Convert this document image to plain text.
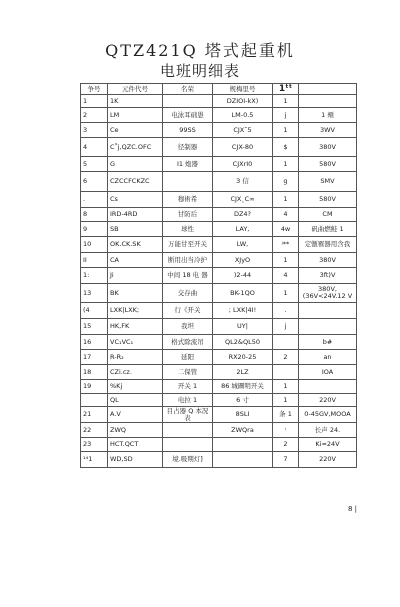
QTZ421Q 塔式起重机
电班明细表
争号	元件代号	名荣	规梅里号	1ᵗᵗ	
1	1K		DZIOI-kX)	1	
2	LM	电泳耳础愚	LM-0.5	j	1 頰
3	Ce	99SS	CJX˜5	1	3WV
4	C˚j,QZC.OFC	径制器	CJX-80	$	380V
5	G	I1 炮器	CJXrI0	1	580V
6	CZCCFCKZC		3 信	g	SMV
.	Cs	穆術希	CJX˛C∞	1	580V
8	IRD-4RD	甘防后	DZ4?	4	CM
9	SB	球性	LAY,	4w	矾曲燃鮭 1
10	OK.CK.SK	万能甘至开关	LW,	ʲ**	定甑罹器用含我
II	CA	断用出当冷护	XJyO	1	380V
1:	Ji	中间 18 电 器	)2-44	4	3ft)V
13	BK	交存曲	BK-1QO	1	380V,(36V<24V.12 V
(4	LXK|LXK;	行《开关	; LXK|4I!	.	
15	HK,FK	我坦	UY|	j	
16	VC₁VC₁	格式除流吊	QL2&QL50		b#
17	R-R₂	延阳	RX20-25	2	an
18	CZi.cz.	二保管	2LZ		IOA
19	%Kj	开关 1	86 城圖明开关	1	
	QL	电拉 1	6 寸	1	220V
21	A.V	目占器 Q 本况 表	8SLI	条 1	0-45GV,MOOA
22	ZWQ		ZWQra	ⁱ	长声 24.
23	HCT.QCT			2	Ki≈24V
¹⁴1	WD,SD	境.吸期灯]		7	220V
8 |
